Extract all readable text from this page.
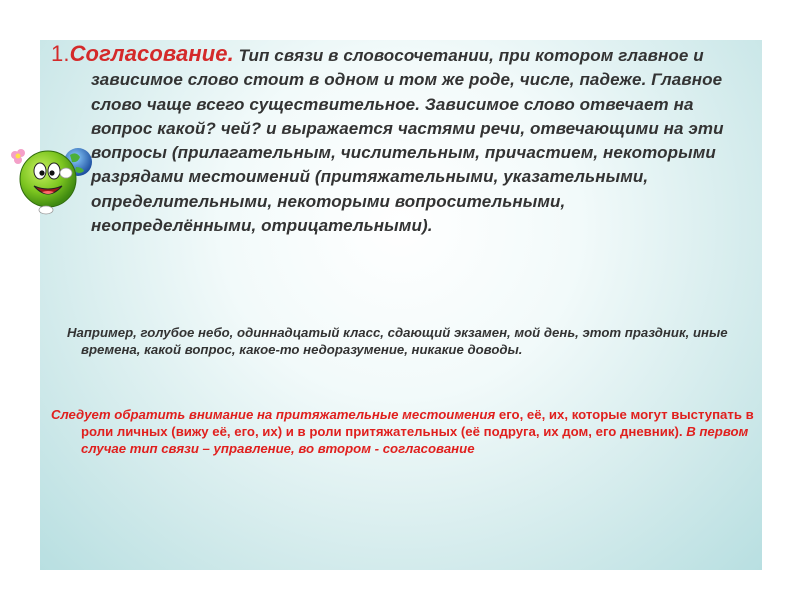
1.Согласование. Тип связи в словосочетании, при котором главное и зависимое слово стоит в одном и том же роде, числе, падеже. Главное слово чаще всего существительное. Зависимое слово отвечает на вопрос какой? чей? и выражается частями речи, отвечающими на эти вопросы (прилагательным, числительным, причастием, некоторыми разрядами местоимений (притяжательными, указательными, определительными, некоторыми вопросительными, неопределёнными, отрицательными).

Например, голубое небо, одиннадцатый класс, сдающий экзамен, мой день, этот праздник, иные времена, какой вопрос, какое-то недоразумение, никакие доводы.

Следует обратить внимание на притяжательные местоимения его, её, их, которые могут выступать в роли личных (вижу её, его, их) и в роли притяжательных (её подруга, их дом, его дневник). В первом случае тип связи – управление, во втором - согласование
